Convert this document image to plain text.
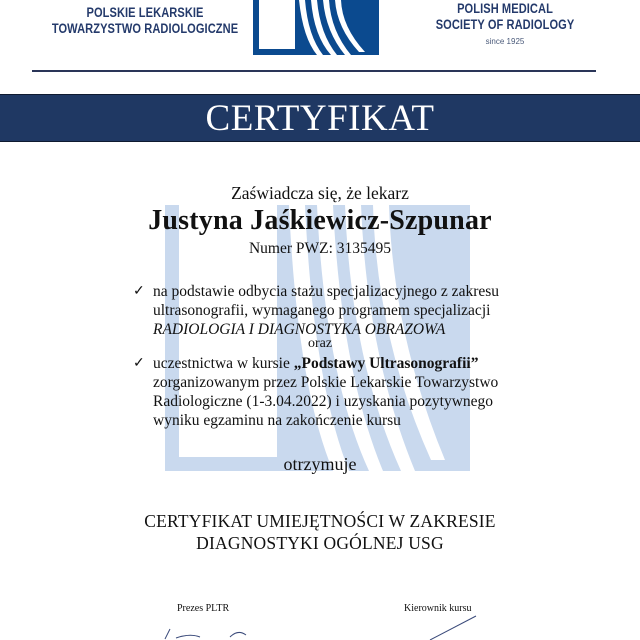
POLSKIE LEKARSKIE
TOWARZYSTWO RADIOLOGICZNE
POLISH MEDICAL
SOCIETY OF RADIOLOGY
since 1925
CERTYFIKAT
Zaświadcza się, że lekarz
Justyna Jaśkiewicz-Szpunar
Numer PWZ: 3135495
✓ na podstawie odbycia stażu specjalizacyjnego z zakresu
ultrasonografii, wymaganego programem specjalizacji
RADIOLOGIA I DIAGNOSTYKA OBRAZOWA
oraz
✓ uczestnictwa w kursie „Podstawy Ultrasonografii”
zorganizowanym przez Polskie Lekarskie Towarzystwo
Radiologiczne (1-3.04.2022) i uzyskania pozytywnego
wyniku egzaminu na zakończenie kursu
otrzymuje
CERTYFIKAT UMIEJĘTNOŚCI W ZAKRESIE
DIAGNOSTYKI OGÓLNEJ USG
Prezes PLTR	Kierownik kursu
